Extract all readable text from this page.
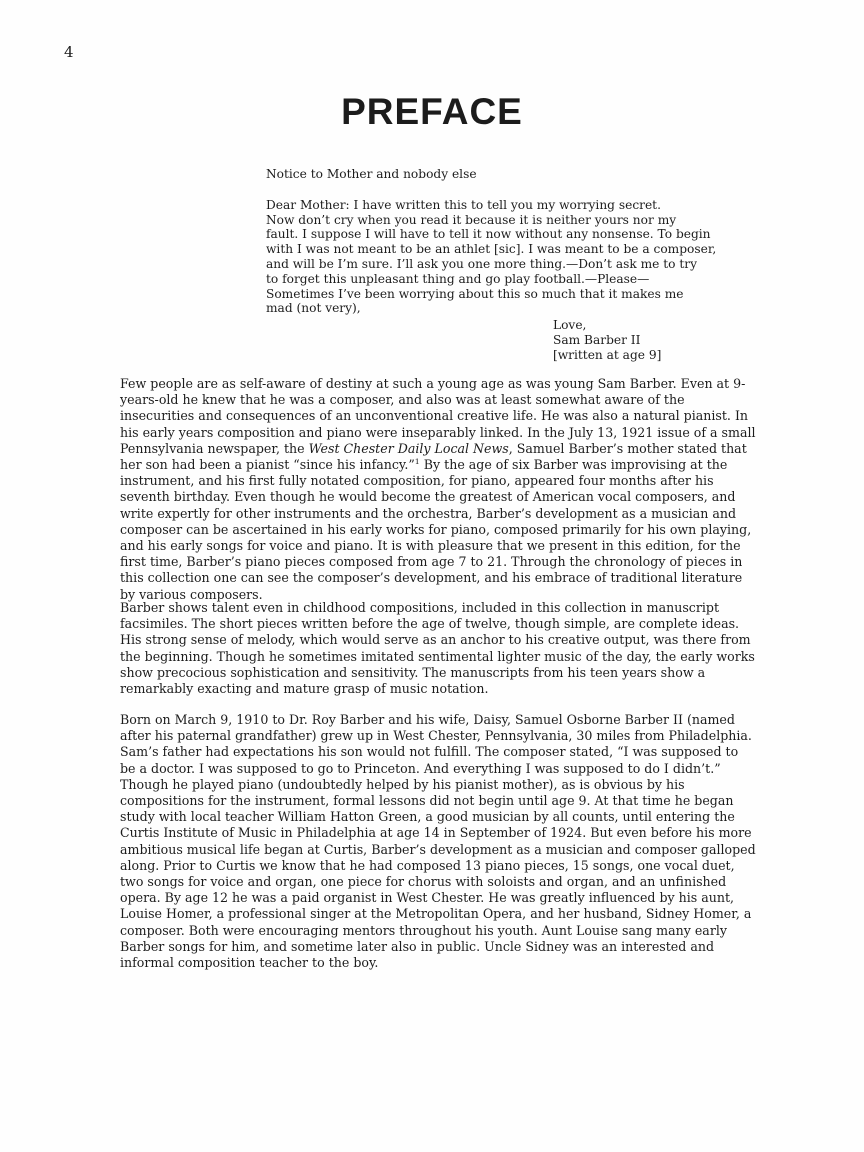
4
PREFACE
Notice to Mother and nobody else
Dear Mother: I have written this to tell you my worrying secret.
Now don’t cry when you read it because it is neither yours nor my
fault. I suppose I will have to tell it now without any nonsense. To begin
with I was not meant to be an athlet [sic]. I was meant to be a composer,
and will be I’m sure. I’ll ask you one more thing.—Don’t ask me to try
to forget this unpleasant thing and go play football.—Please—
Sometimes I’ve been worrying about this so much that it makes me
mad (not very),
Love,
Sam Barber II
[written at age 9]

Few people are as self-aware of destiny at such a young age as was young Sam Barber. Even at 9-years-old he knew that he was a composer, and also was at least somewhat aware of the insecurities and consequences of an unconventional creative life. He was also a natural pianist. In his early years composition and piano were inseparably linked. In the July 13, 1921 issue of a small Pennsylvania newspaper, the West Chester Daily Local News, Samuel Barber’s mother stated that her son had been a pianist “since his infancy.”$^1$ By the age of six Barber was improvising at the instrument, and his first fully notated composition, for piano, appeared four months after his seventh birthday. Even though he would become the greatest of American vocal composers, and write expertly for other instruments and the orchestra, Barber’s development as a musician and composer can be ascertained in his early works for piano, composed primarily for his own playing, and his early songs for voice and piano. It is with pleasure that we present in this edition, for the first time, Barber’s piano pieces composed from age 7 to 21. Through the chronology of pieces in this collection one can see the composer’s development, and his embrace of traditional literature by various composers.

Barber shows talent even in childhood compositions, included in this collection in manuscript facsimiles. The short pieces written before the age of twelve, though simple, are complete ideas. His strong sense of melody, which would serve as an anchor to his creative output, was there from the beginning. Though he sometimes imitated sentimental lighter music of the day, the early works show precocious sophistication and sensitivity. The manuscripts from his teen years show a remarkably exacting and mature grasp of music notation.

Born on March 9, 1910 to Dr. Roy Barber and his wife, Daisy, Samuel Osborne Barber II (named after his paternal grandfather) grew up in West Chester, Pennsylvania, 30 miles from Philadelphia. Sam’s father had expectations his son would not fulfill. The composer stated, “I was supposed to be a doctor. I was supposed to go to Princeton. And everything I was supposed to do I didn’t.” Though he played piano (undoubtedly helped by his pianist mother), as is obvious by his compositions for the instrument, formal lessons did not begin until age 9. At that time he began study with local teacher William Hatton Green, a good musician by all counts, until entering the Curtis Institute of Music in Philadelphia at age 14 in September of 1924. But even before his more ambitious musical life began at Curtis, Barber’s development as a musician and composer galloped along. Prior to Curtis we know that he had composed 13 piano pieces, 15 songs, one vocal duet, two songs for voice and organ, one piece for chorus with soloists and organ, and an unfinished opera. By age 12 he was a paid organist in West Chester. He was greatly influenced by his aunt, Louise Homer, a professional singer at the Metropolitan Opera, and her husband, Sidney Homer, a composer. Both were encouraging mentors throughout his youth. Aunt Louise sang many early Barber songs for him, and sometime later also in public. Uncle Sidney was an interested and informal composition teacher to the boy.
